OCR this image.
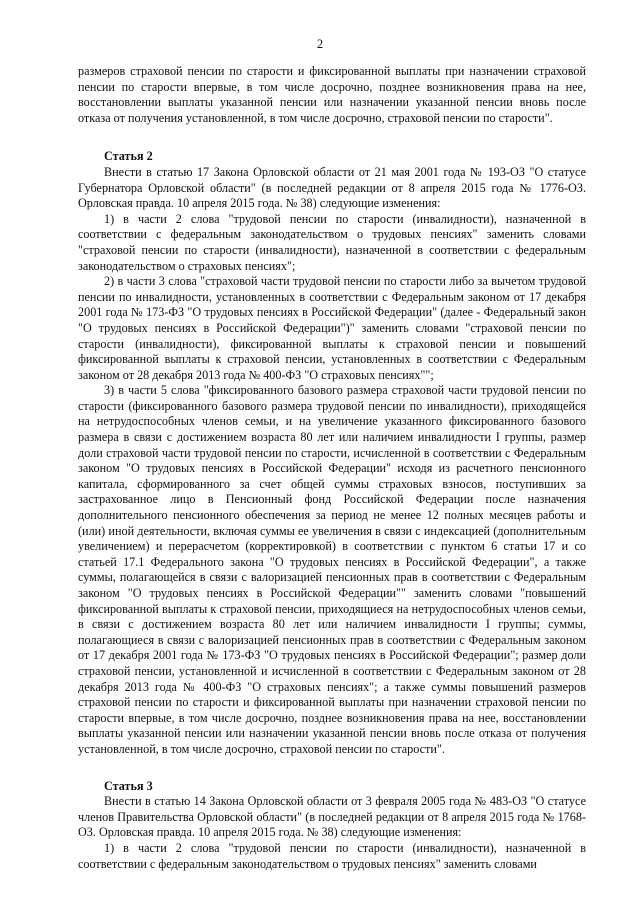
2

размеров страховой пенсии по старости и фиксированной выплаты при назначении страховой пенсии по старости впервые, в том числе досрочно, позднее возникновения права на нее, восстановлении выплаты указанной пенсии или назначении указанной пенсии вновь после отказа от получения установленной, в том числе досрочно, страховой пенсии по старости".

Статья 2

Внести в статью 17 Закона Орловской области от 21 мая 2001 года № 193-ОЗ "О статусе Губернатора Орловской области" (в последней редакции от 8 апреля 2015 года № 1776-ОЗ. Орловская правда. 10 апреля 2015 года. № 38) следующие изменения:

1) в части 2 слова "трудовой пенсии по старости (инвалидности), назначенной в соответствии с федеральным законодательством о трудовых пенсиях" заменить словами "страховой пенсии по старости (инвалидности), назначенной в соответствии с федеральным законодательством о страховых пенсиях";

2) в части 3 слова "страховой части трудовой пенсии по старости либо за вычетом трудовой пенсии по инвалидности, установленных в соответствии с Федеральным законом от 17 декабря 2001 года № 173-ФЗ "О трудовых пенсиях в Российской Федерации" (далее - Федеральный закон "О трудовых пенсиях в Российской Федерации")" заменить словами "страховой пенсии по старости (инвалидности), фиксированной выплаты к страховой пенсии и повышений фиксированной выплаты к страховой пенсии, установленных в соответствии с Федеральным законом от 28 декабря 2013 года № 400-ФЗ "О страховых пенсиях"";

3) в части 5 слова "фиксированного базового размера страховой части трудовой пенсии по старости (фиксированного базового размера трудовой пенсии по инвалидности), приходящейся на нетрудоспособных членов семьи, и на увеличение указанного фиксированного базового размера в связи с достижением возраста 80 лет или наличием инвалидности I группы, размер доли страховой части трудовой пенсии по старости, исчисленной в соответствии с Федеральным законом "О трудовых пенсиях в Российской Федерации" исходя из расчетного пенсионного капитала, сформированного за счет общей суммы страховых взносов, поступивших за застрахованное лицо в Пенсионный фонд Российской Федерации после назначения дополнительного пенсионного обеспечения за период не менее 12 полных месяцев работы и (или) иной деятельности, включая суммы ее увеличения в связи с индексацией (дополнительным увеличением) и перерасчетом (корректировкой) в соответствии с пунктом 6 статьи 17 и со статьей 17.1 Федерального закона "О трудовых пенсиях в Российской Федерации", а также суммы, полагающейся в связи с валоризацией пенсионных прав в соответствии с Федеральным законом "О трудовых пенсиях в Российской Федерации"" заменить словами "повышений фиксированной выплаты к страховой пенсии, приходящиеся на нетрудоспособных членов семьи, в связи с достижением возраста 80 лет или наличием инвалидности I группы; суммы, полагающиеся в связи с валоризацией пенсионных прав в соответствии с Федеральным законом от 17 декабря 2001 года № 173-ФЗ "О трудовых пенсиях в Российской Федерации"; размер доли страховой пенсии, установленной и исчисленной в соответствии с Федеральным законом от 28 декабря 2013 года № 400-ФЗ "О страховых пенсиях"; а также суммы повышений размеров страховой пенсии по старости и фиксированной выплаты при назначении страховой пенсии по старости впервые, в том числе досрочно, позднее возникновения права на нее, восстановлении выплаты указанной пенсии или назначении указанной пенсии вновь после отказа от получения установленной, в том числе досрочно, страховой пенсии по старости".

Статья 3

Внести в статью 14 Закона Орловской области от 3 февраля 2005 года № 483-ОЗ "О статусе членов Правительства Орловской области" (в последней редакции от 8 апреля 2015 года № 1768-ОЗ. Орловская правда. 10 апреля 2015 года. № 38) следующие изменения:

1) в части 2 слова "трудовой пенсии по старости (инвалидности), назначенной в соответствии с федеральным законодательством о трудовых пенсиях" заменить словами
